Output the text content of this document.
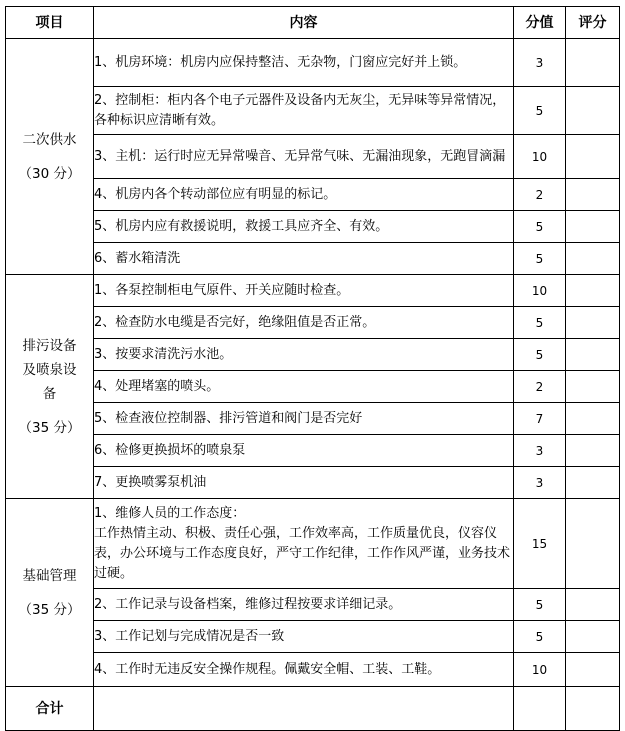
项目	内容	分值	评分
二次供水
（30 分）	1、机房环境：机房内应保持整洁、无杂物，门窗应完好并上锁。	3	
	2、控制柜：柜内各个电子元器件及设备内无灰尘，无异味等异常情况，各种标识应清晰有效。	5	
	3、主机：运行时应无异常噪音、无异常气味、无漏油现象，无跑冒滴漏	10	
	4、机房内各个转动部位应有明显的标记。	2	
	5、机房内应有救援说明，救援工具应齐全、有效。	5	
	6、蓄水箱清洗	5	
排污设备及喷泉设备
（35 分）	1、各泵控制柜电气原件、开关应随时检查。	10	
	2、检查防水电缆是否完好，绝缘阻值是否正常。	5	
	3、按要求清洗污水池。	5	
	4、处理堵塞的喷头。	2	
	5、检查液位控制器、排污管道和阀门是否完好	7	
	6、检修更换损坏的喷泉泵	3	
	7、更换喷雾泵机油	3	
基础管理
（35 分）	1、维修人员的工作态度：
工作热情主动、积极、责任心强，工作效率高，工作质量优良，仪容仪表，办公环境与工作态度良好，严守工作纪律，工作作风严谨，业务技术过硬。	15	
	2、工作记录与设备档案，维修过程按要求详细记录。	5	
	3、工作记划与完成情况是否一致	5	
	4、工作时无违反安全操作规程。佩戴安全帽、工装、工鞋。	10	
合计			
